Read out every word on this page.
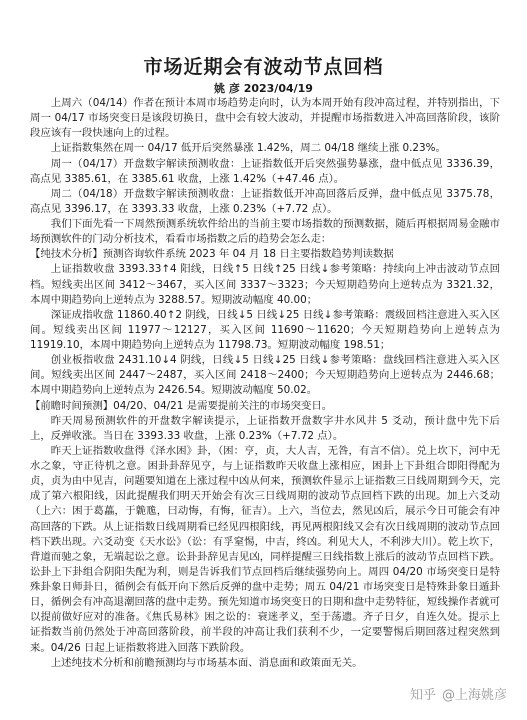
市场近期会有波动节点回档
姚 彦 2023/04/19

上周六（04/14）作者在预计本周市场趋势走向时，认为本周开始有段冲高过程，并特别指出，下周一 04/17 市场突变日是该段切换日，盘中会有较大波动，并提醒市场指数进入冲高回落阶段，该阶段应该有一段快速向上的过程。

上证指数集然在周一 04/17 低开后突然暴涨 1.42%，周二 04/18 继续上涨 0.23%。

周一（04/17）开盘数字解读预测收盘：上证指数低开后突然强势暴涨，盘中低点见 3336.39，高点见 3385.61，在 3385.61 收盘，上涨 1.42%（+47.46 点）。

周二（04/18）开盘数字解读预测收盘：上证指数低开冲高回落后反弹，盘中低点见 3375.78，高点见 3396.17，在 3393.33 收盘，上涨 0.23%（+7.72 点）。

我们下面先看一下周然预测系统软件给出的当前主要市场指数的预测数据，随后再根据周易金融市场预测软件的门动分析技术，看看市场指数之后的趋势会怎么走：

【纯技术分析】预测咨询软件系统 2023 年 04 月 18 日主要指数趋势判读数据

上证指数收盘 3393.33↑4 阳线，日线↑5 日线↑25 日线↓参考策略：持续向上冲击波动节点回档。短线卖出区间 3412～3467，买入区间 3337～3323；今天短期趋势向上逆转点为 3321.32，本周中期趋势向上逆转点为 3288.57。短期波动幅度 40.00；

深证成指收盘 11860.40↑2 阴线，日线↓5 日线↓25 日线↓参考策略：震级回档注意进入买入区间。短线卖出区间 11977～12127，买入区间 11690～11620；今天短期趋势向上逆转点为 11919.10，本周中期趋势向上逆转点为 11798.73。短期波动幅度 198.51；

创业板指收盘 2431.10↓4 阴线，日线↓5 日线↓25 日线↓参考策略：盘线回档注意进入买入区间。短线卖出区间 2447～2487，买入区间 2418～2400；今天短期趋势向上逆转点为 2446.68；本周中期趋势向上逆转点为 2426.54。短期波动幅度 50.02。

【前瞻时间预测】04/20、04/21 是需要提前关注的市场突变日。

昨天周易预测软件的开盘数字解读提示，上证指数开盘数字井水风井 5 爻动，预计盘中先下后上，反弹收涨。当日在 3393.33 收盘，上涨 0.23%（+7.72 点）。

昨天上证指数收盘得《泽水困》卦，（困：亨，贞，大人吉，无咎，有言不信）。兑上坎下，河中无水之象，守正待机之意。困卦卦辞见亨，与上证指数昨天收盘上涨相应，困卦上下卦组合即阳得配为贞，贞为由中见吉，问题要知道在上涨过程中凶从何来，预测软件显示上证指数三日线周期到今天，完成了第六根阳线，因此提醒我们明天开始会有次三日线周期的波动节点回档下跌的出现。加上六爻动（上六：困于葛藟，于臲卼，曰动悔，有悔，征吉）。上六，当位去，然见凶后，展示今日可能会有冲高回落的下跌。从上证指数日线周期看已经见四根阳线，再见两根阳线又会有次日线周期的波动节点回档下跌出现。六爻动变《天水讼》（讼：有孚窒惕，中吉，终凶。利见大人，不利涉大川）。乾上坎下，背道而驰之象，无端起讼之意。讼卦卦辞见吉见凶，同样提醒三日线指数上涨后的波动节点回档下跌。讼卦上下卦组合阴阳失配为利，则是告诉我们节点回档后继续强势向上。周四 04/20 市场突变日是特殊卦象日师卦日，循例会有低开向下然后反弹的盘中走势；周五 04/21 市场突变日是特殊卦象日遁卦日，循例会有冲高退潮回落的盘中走势。预先知道市场突变日的日期和盘中走势特征，短线操作者就可以提前做好应对的准备。《焦氏易林》困之讼的：衰迷孝义，至于荡遗。齐子日夕，自连久处。提示上证指数当前仍然处于冲高回落阶段，前半段的冲高让我们获利不少，一定要警惕后期回落过程突然到来。04/26 日起上证指数将进入回落下跌阶段。

上述纯技术分析和前瞻预测均与市场基本面、消息面和政策面无关。

知乎 @上海姚彦
